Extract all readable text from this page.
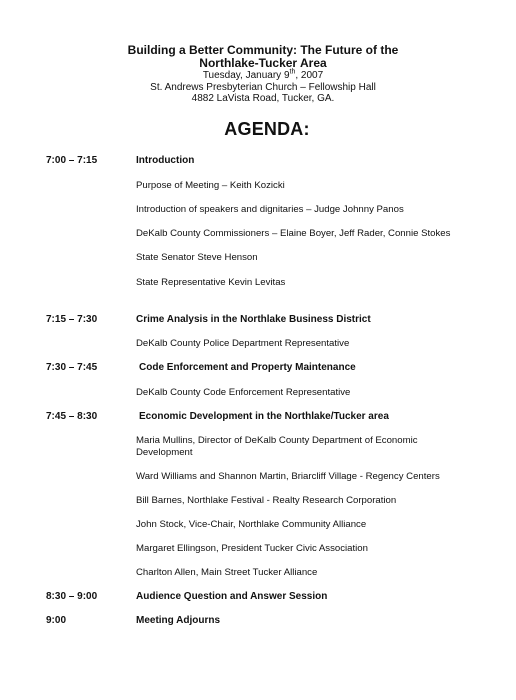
Building a Better Community: The Future of the
Northlake-Tucker Area
Tuesday, January 9th, 2007
St. Andrews Presbyterian Church – Fellowship Hall
4882 LaVista Road, Tucker, GA.
AGENDA:
7:00 – 7:15	Introduction
Purpose of Meeting – Keith Kozicki
Introduction of speakers and dignitaries – Judge Johnny Panos
DeKalb County Commissioners – Elaine Boyer, Jeff Rader, Connie Stokes
State Senator Steve Henson
State Representative Kevin Levitas
7:15 – 7:30	Crime Analysis in the Northlake Business District
DeKalb County Police Department Representative
7:30 – 7:45	Code Enforcement and Property Maintenance
DeKalb County Code Enforcement Representative
7:45 – 8:30	Economic Development in the Northlake/Tucker area
Maria Mullins, Director of DeKalb County Department of Economic Development
Ward Williams and Shannon Martin, Briarcliff Village - Regency Centers
Bill Barnes, Northlake Festival - Realty Research Corporation
John Stock, Vice-Chair, Northlake Community Alliance
Margaret Ellingson, President Tucker Civic Association
Charlton Allen, Main Street Tucker Alliance
8:30 – 9:00	Audience Question and Answer Session
9:00	Meeting Adjourns
